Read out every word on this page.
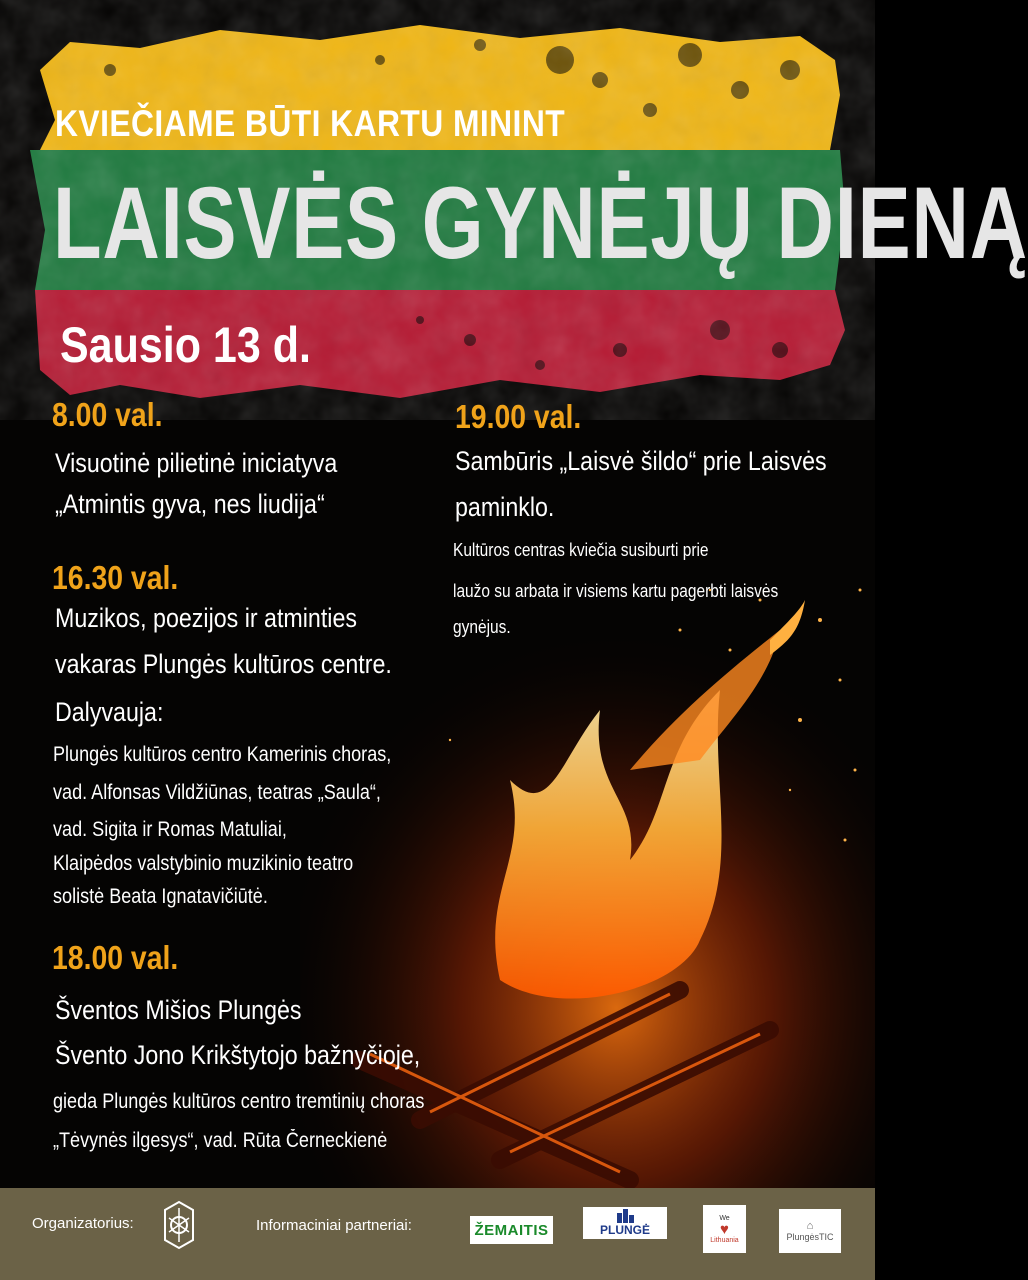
KVIEČIAME BŪTI KARTU MININT
LAISVĖS GYNĖJŲ DIENĄ
Sausio 13 d.
8.00 val.
Visuotinė pilietinė iniciatyva
„Atmintis gyva, nes liudija“
16.30 val.
Muzikos, poezijos ir atminties
vakaras Plungės kultūros centre.
Dalyvauja:
Plungės kultūros centro Kamerinis choras,
vad. Alfonsas Vildžiūnas, teatras „Saula“,
vad. Sigita ir Romas Matuliai,
Klaipėdos valstybinio muzikinio teatro
solistė Beata Ignatavičiūtė.
18.00 val.
Šventos Mišios Plungės
Švento Jono Krikštytojo bažnyčioje,
gieda Plungės kultūros centro tremtinių choras
„Tėvynės ilgesys“, vad. Rūta Černeckienė
19.00 val.
Sambūris „Laisvė šildo“ prie Laisvės
paminklo.
Kultūros centras kviečia susiburti prie
laužo su arbata ir visiems kartu pagerbti laisvės
gynėjus.
Organizatorius:	Informaciniai partneriai:	ŽEMAITIS	PLUNGĖ
We
♥
Lithuania
⌂
PlungėsTIC
